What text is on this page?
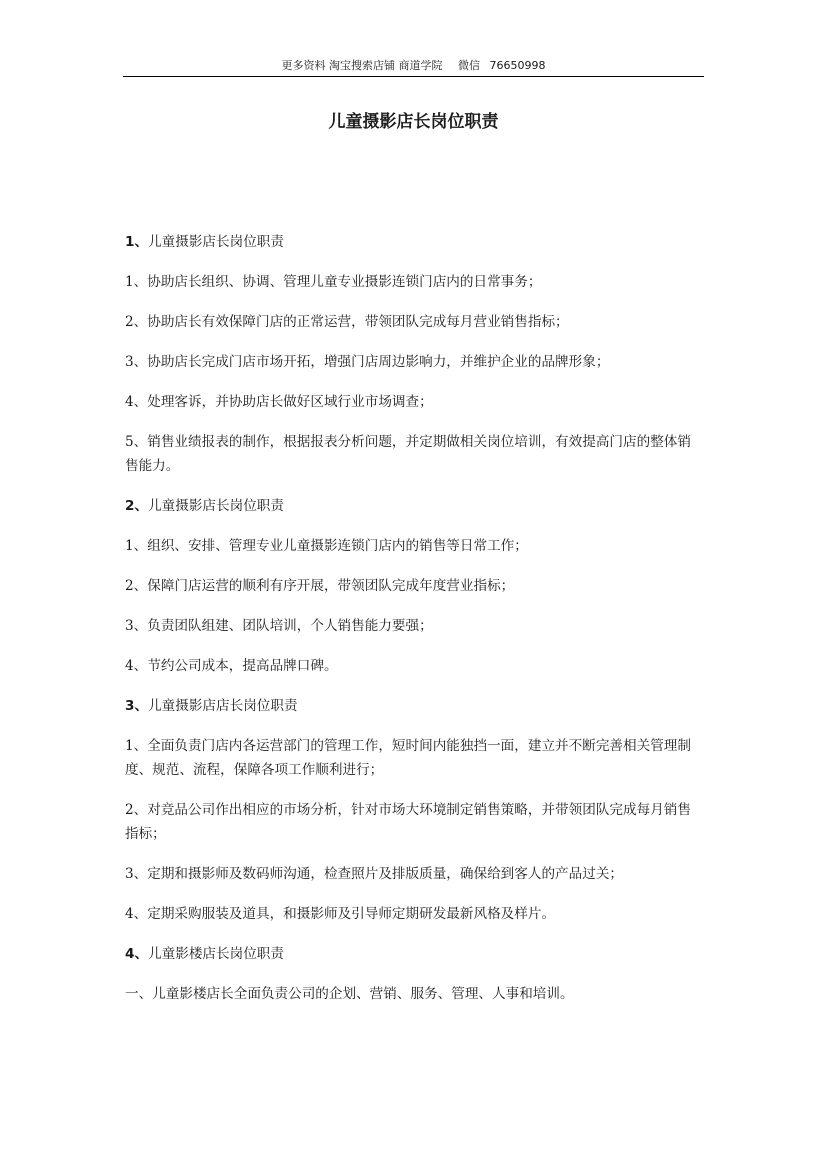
更多资料 淘宝搜索店铺 商道学院 微信 76650998
儿童摄影店长岗位职责
1、儿童摄影店长岗位职责
1、协助店长组织、协调、管理儿童专业摄影连锁门店内的日常事务；
2、协助店长有效保障门店的正常运营，带领团队完成每月营业销售指标；
3、协助店长完成门店市场开拓，增强门店周边影响力，并维护企业的品牌形象；
4、处理客诉，并协助店长做好区域行业市场调查；
5、销售业绩报表的制作，根据报表分析问题，并定期做相关岗位培训，有效提高门店的整体销售能力。
2、儿童摄影店长岗位职责
1、组织、安排、管理专业儿童摄影连锁门店内的销售等日常工作；
2、保障门店运营的顺利有序开展，带领团队完成年度营业指标；
3、负责团队组建、团队培训，个人销售能力要强；
4、节约公司成本，提高品牌口碑。
3、儿童摄影店店长岗位职责
1、全面负责门店内各运营部门的管理工作，短时间内能独挡一面，建立并不断完善相关管理制度、规范、流程，保障各项工作顺利进行；
2、对竞品公司作出相应的市场分析，针对市场大环境制定销售策略，并带领团队完成每月销售指标；
3、定期和摄影师及数码师沟通，检查照片及排版质量，确保给到客人的产品过关；
4、定期采购服装及道具，和摄影师及引导师定期研发最新风格及样片。
4、儿童影楼店长岗位职责
一、儿童影楼店长全面负责公司的企划、营销、服务、管理、人事和培训。
